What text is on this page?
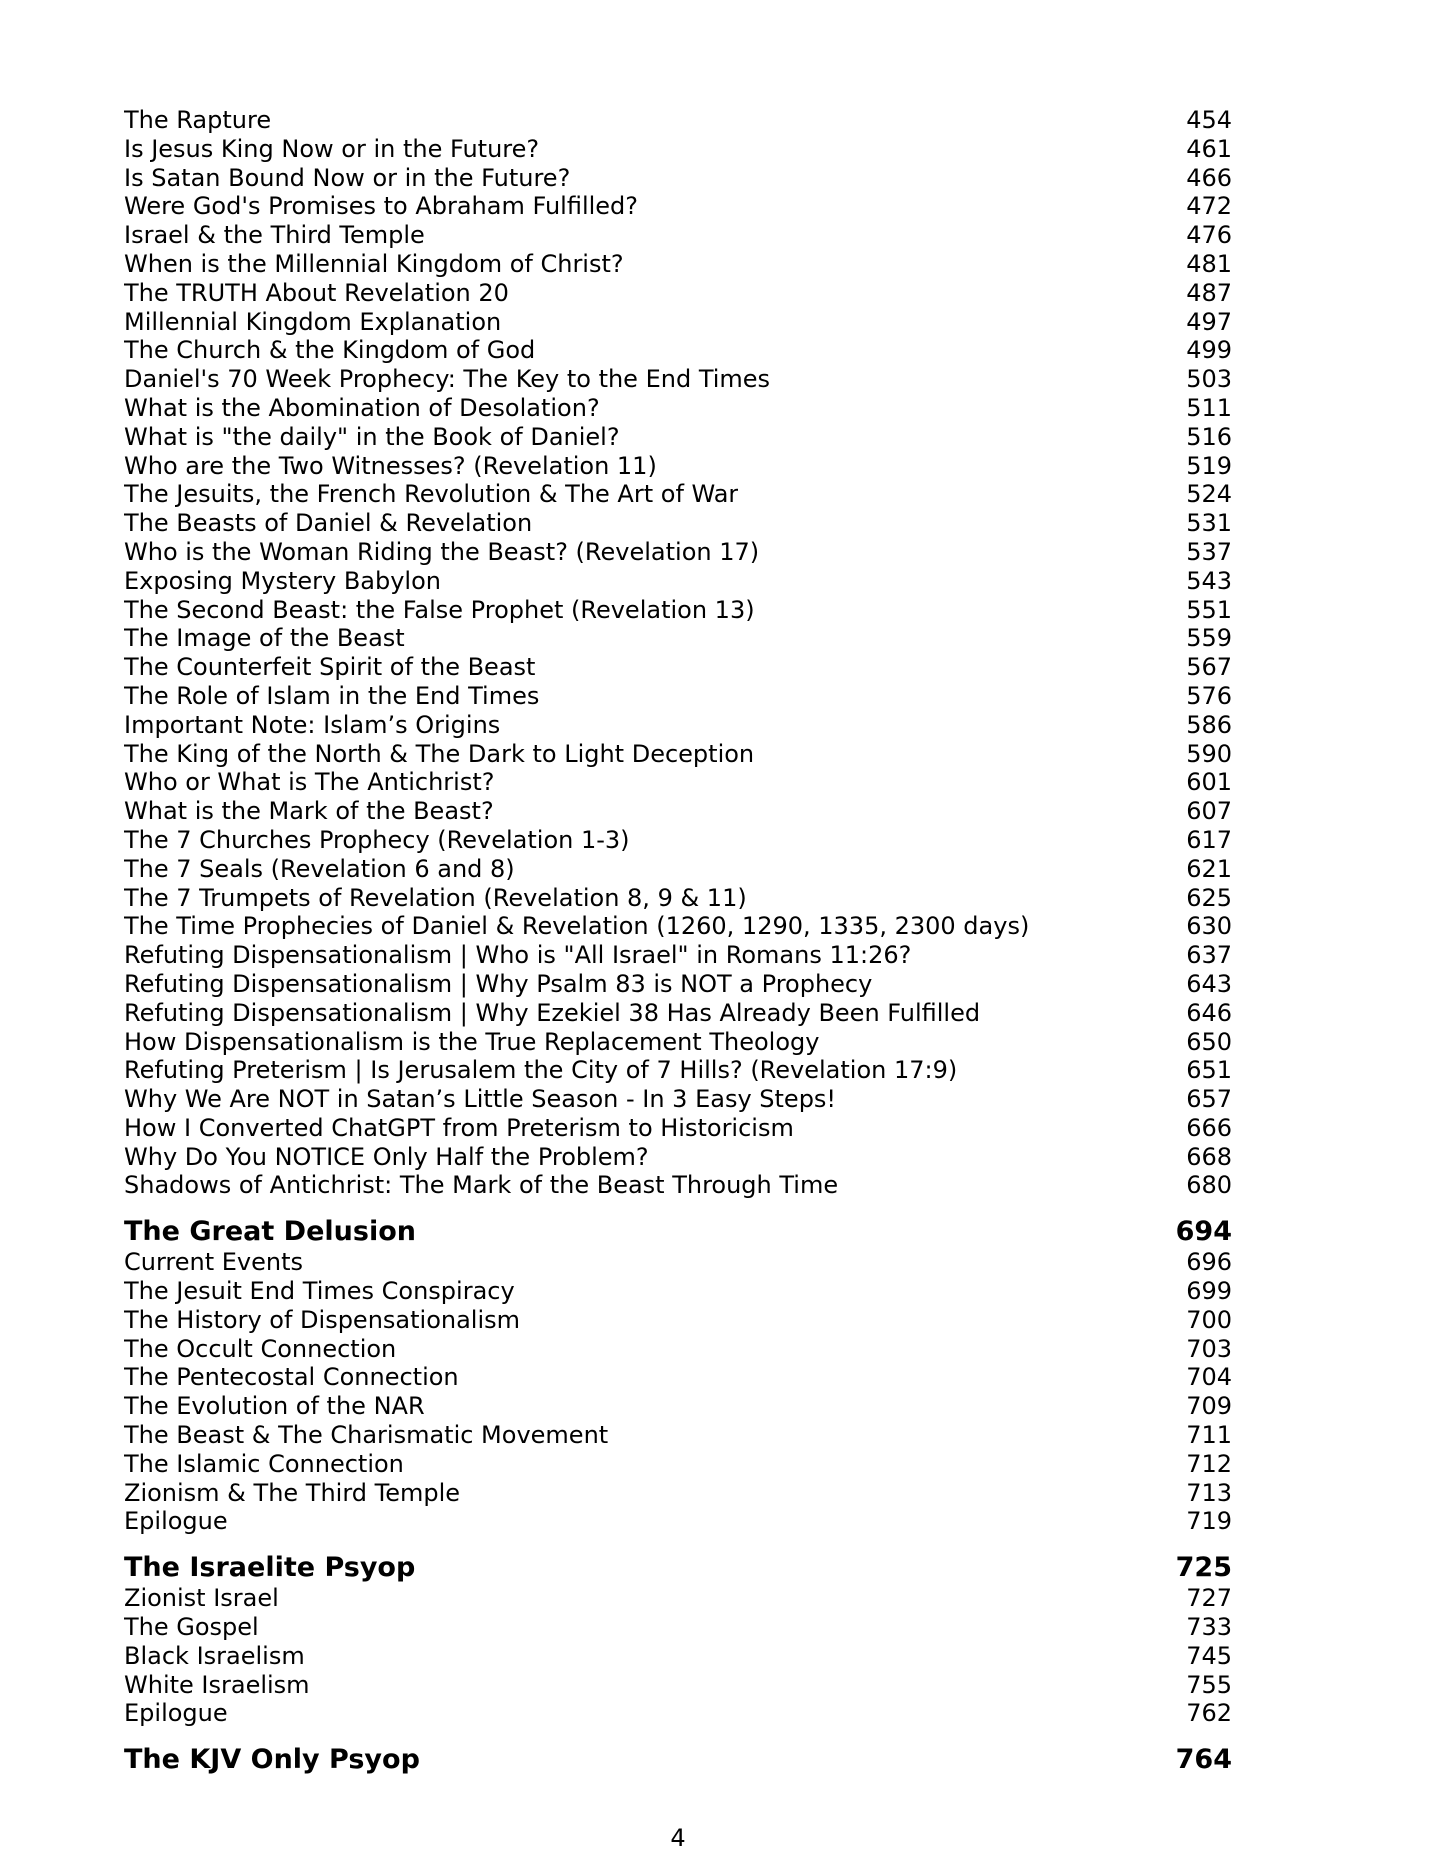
The Rapture	454
Is Jesus King Now or in the Future?	461
Is Satan Bound Now or in the Future?	466
Were God's Promises to Abraham Fulfilled?	472
Israel & the Third Temple	476
When is the Millennial Kingdom of Christ?	481
The TRUTH About Revelation 20	487
Millennial Kingdom Explanation	497
The Church & the Kingdom of God	499
Daniel's 70 Week Prophecy: The Key to the End Times	503
What is the Abomination of Desolation?	511
What is "the daily" in the Book of Daniel?	516
Who are the Two Witnesses? (Revelation 11)	519
The Jesuits, the French Revolution & The Art of War	524
The Beasts of Daniel & Revelation	531
Who is the Woman Riding the Beast? (Revelation 17)	537
Exposing Mystery Babylon	543
The Second Beast: the False Prophet (Revelation 13)	551
The Image of the Beast	559
The Counterfeit Spirit of the Beast	567
The Role of Islam in the End Times	576
Important Note: Islam’s Origins	586
The King of the North & The Dark to Light Deception	590
Who or What is The Antichrist?	601
What is the Mark of the Beast?	607
The 7 Churches Prophecy (Revelation 1-3)	617
The 7 Seals (Revelation 6 and 8)	621
The 7 Trumpets of Revelation (Revelation 8, 9 & 11)	625
The Time Prophecies of Daniel & Revelation (1260, 1290, 1335, 2300 days)	630
Refuting Dispensationalism | Who is "All Israel" in Romans 11:26?	637
Refuting Dispensationalism | Why Psalm 83 is NOT a Prophecy	643
Refuting Dispensationalism | Why Ezekiel 38 Has Already Been Fulfilled	646
How Dispensationalism is the True Replacement Theology	650
Refuting Preterism | Is Jerusalem the City of 7 Hills? (Revelation 17:9)	651
Why We Are NOT in Satan’s Little Season - In 3 Easy Steps!	657
How I Converted ChatGPT from Preterism to Historicism	666
Why Do You NOTICE Only Half the Problem?	668
Shadows of Antichrist: The Mark of the Beast Through Time	680
The Great Delusion	694
Current Events	696
The Jesuit End Times Conspiracy	699
The History of Dispensationalism	700
The Occult Connection	703
The Pentecostal Connection	704
The Evolution of the NAR	709
The Beast & The Charismatic Movement	711
The Islamic Connection	712
Zionism & The Third Temple	713
Epilogue	719
The Israelite Psyop	725
Zionist Israel	727
The Gospel	733
Black Israelism	745
White Israelism	755
Epilogue	762
The KJV Only Psyop	764
4
